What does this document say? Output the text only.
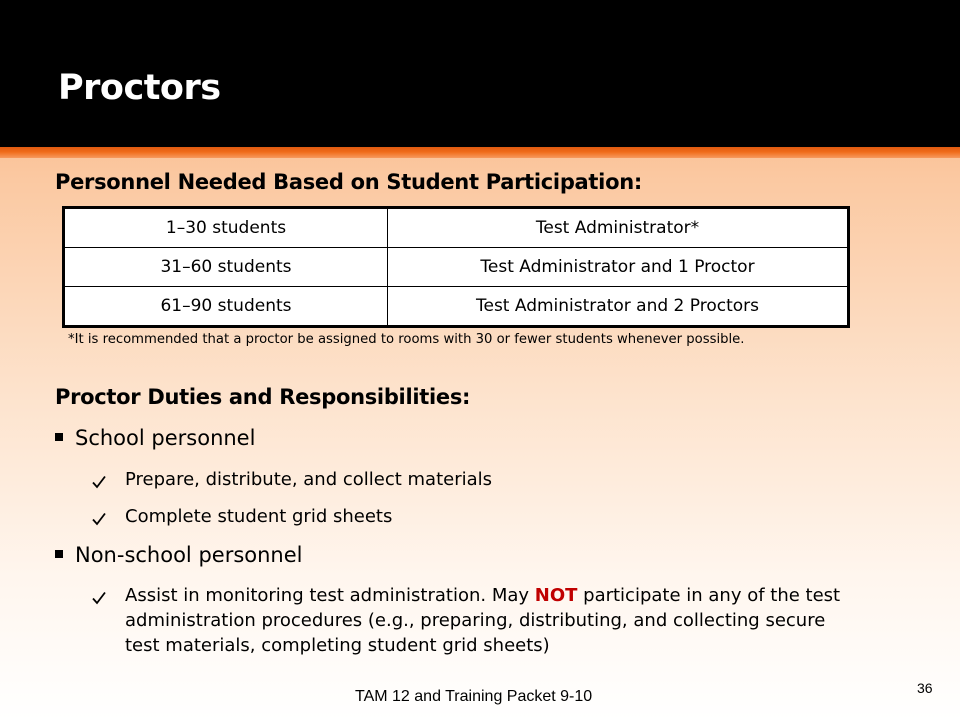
Proctors
Personnel Needed Based on Student Participation:
1–30 students	Test Administrator*
31–60 students	Test Administrator and 1 Proctor
61–90 students	Test Administrator and 2 Proctors
*It is recommended that a proctor be assigned to rooms with 30 or fewer students whenever possible.
Proctor Duties and Responsibilities:
School personnel
Prepare, distribute, and collect materials
Complete student grid sheets
Non-school personnel
Assist in monitoring test administration. May NOT participate in any of the test administration procedures (e.g., preparing, distributing, and collecting secure test materials, completing student grid sheets)
TAM 12 and Training Packet 9-10	36
